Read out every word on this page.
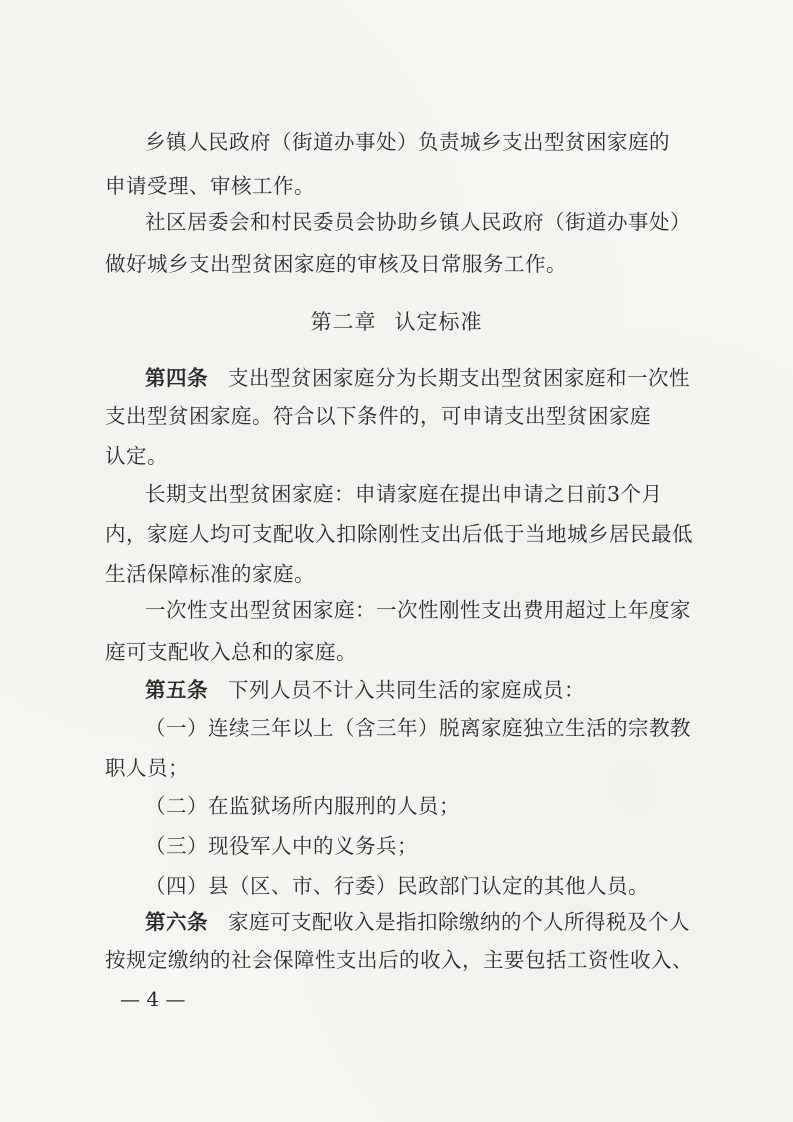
乡镇人民政府（街道办事处）负责城乡支出型贫困家庭的
申请受理、审核工作。
社区居委会和村民委员会协助乡镇人民政府（街道办事处）
做好城乡支出型贫困家庭的审核及日常服务工作。
第二章 认定标准
第四条 支出型贫困家庭分为长期支出型贫困家庭和一次性
支出型贫困家庭。符合以下条件的，可申请支出型贫困家庭
认定。
长期支出型贫困家庭：申请家庭在提出申请之日前3个月
内，家庭人均可支配收入扣除刚性支出后低于当地城乡居民最低
生活保障标准的家庭。
一次性支出型贫困家庭：一次性刚性支出费用超过上年度家
庭可支配收入总和的家庭。
第五条 下列人员不计入共同生活的家庭成员：
（一）连续三年以上（含三年）脱离家庭独立生活的宗教教
职人员；
（二）在监狱场所内服刑的人员；
（三）现役军人中的义务兵；
（四）县（区、市、行委）民政部门认定的其他人员。
第六条 家庭可支配收入是指扣除缴纳的个人所得税及个人
按规定缴纳的社会保障性支出后的收入，主要包括工资性收入、
— 4 —
